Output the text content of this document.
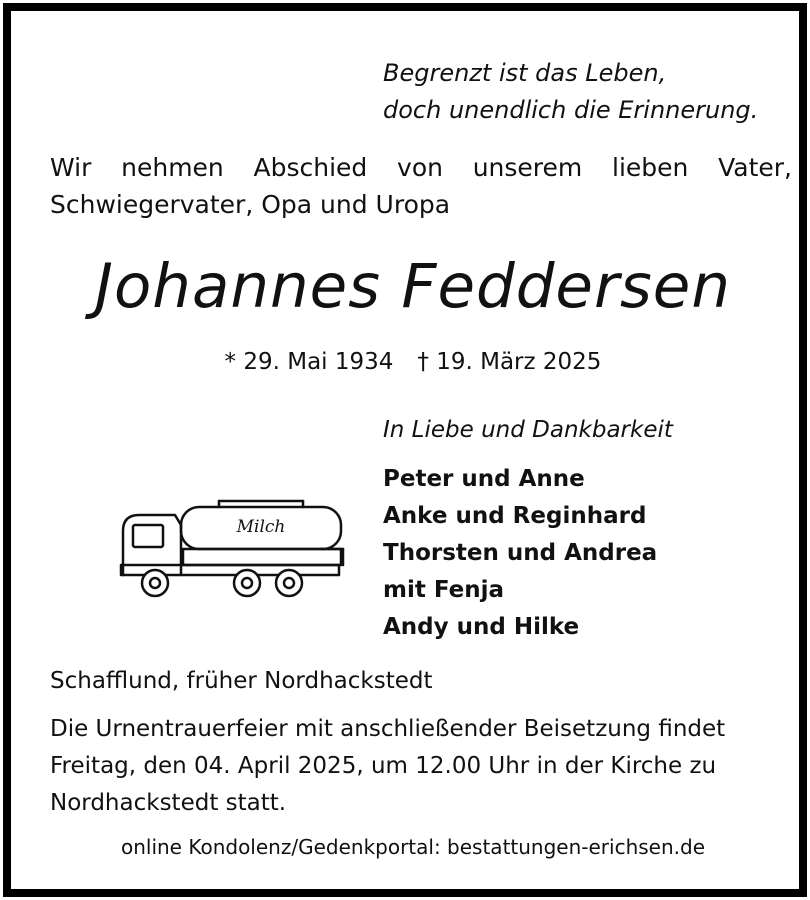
Begrenzt ist das Leben,
doch unendlich die Erinnerung.
Wir nehmen Abschied von unserem lieben Vater,
Schwiegervater, Opa und Uropa
Johannes Feddersen
* 29. Mai 1934 † 19. März 2025
In Liebe und Dankbarkeit
Peter und Anne
Anke und Reginhard
Thorsten und Andrea
mit Fenja
Andy und Hilke
Milch
Schafflund, früher Nordhackstedt
Die Urnentrauerfeier mit anschließender Beisetzung findet Freitag, den 04. April 2025, um 12.00 Uhr in der Kirche zu Nordhackstedt statt.
online Kondolenz/Gedenkportal: bestattungen-erichsen.de
